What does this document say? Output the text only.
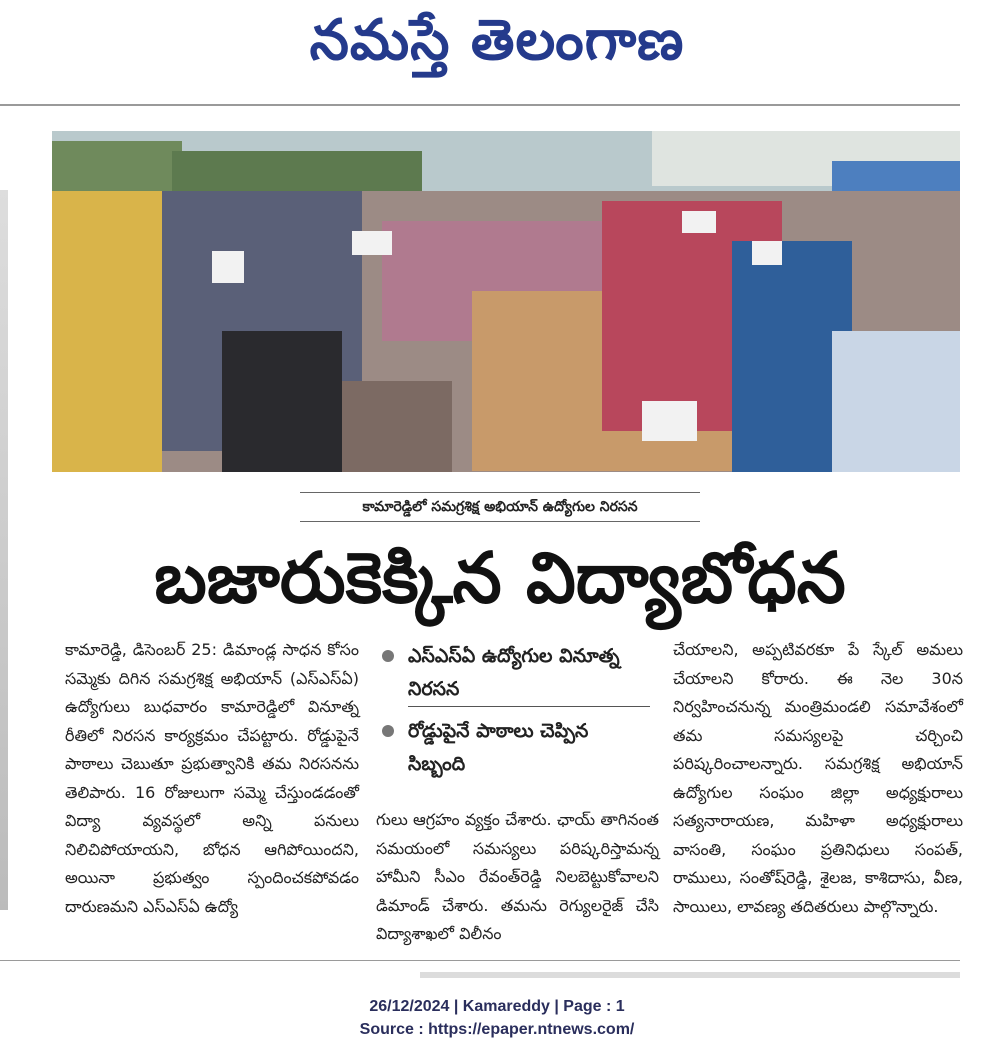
నమస్తే తెలంగాణ
కామారెడ్డిలో సమగ్రశిక్ష అభియాన్ ఉద్యోగుల నిరసన
బజారుకెక్కిన విద్యాబోధన

కామారెడ్డి, డిసెంబర్ 25: డిమాండ్ల సాధన కోసం సమ్మెకు దిగిన సమగ్రశిక్ష అభియాన్ (ఎస్ఎస్ఏ) ఉద్యోగులు బుధవారం కామారెడ్డిలో వినూత్న రీతిలో నిరసన కార్యక్రమం చేపట్టారు. రోడ్డుపైనే పాఠాలు చెబుతూ ప్రభుత్వానికి తమ నిరసనను తెలిపారు. 16 రోజులుగా సమ్మె చేస్తుండడంతో విద్యా వ్యవస్థలో అన్ని పనులు నిలిచిపోయాయని, బోధన ఆగిపోయిందని, అయినా ప్రభుత్వం స్పందించకపోవడం దారుణమని ఎస్ఎస్ఏ ఉద్యో

ఎస్ఎస్ఏ ఉద్యోగుల వినూత్న నిరసన
రోడ్డుపైనే పాఠాలు చెప్పిన సిబ్బంది

గులు ఆగ్రహం వ్యక్తం చేశారు. ఛాయ్ తాగినంత సమయంలో సమస్యలు పరిష్కరిస్తామన్న హామీని సీఎం రేవంత్‌రెడ్డి నిలబెట్టుకోవాలని డిమాండ్ చేశారు. తమను రెగ్యులరైజ్ చేసి విద్యాశాఖలో విలీనం

చేయాలని, అప్పటివరకూ పే స్కేల్ అమలు చేయాలని కోరారు. ఈ నెల 30న నిర్వహించనున్న మంత్రిమండలి సమావేశంలో తమ సమస్యలపై చర్చించి పరిష్కరించాలన్నారు. సమగ్రశిక్ష అభియాన్ ఉద్యోగుల సంఘం జిల్లా అధ్యక్షురాలు సత్యనారాయణ, మహిళా అధ్యక్షురాలు వాసంతి, సంఘం ప్రతినిధులు సంపత్, రాములు, సంతోష్‌రెడ్డి, శైలజ, కాశిదాసు, వీణ, సాయిలు, లావణ్య తదితరులు పాల్గొన్నారు.

26/12/2024 | Kamareddy | Page : 1
Source : https://epaper.ntnews.com/
